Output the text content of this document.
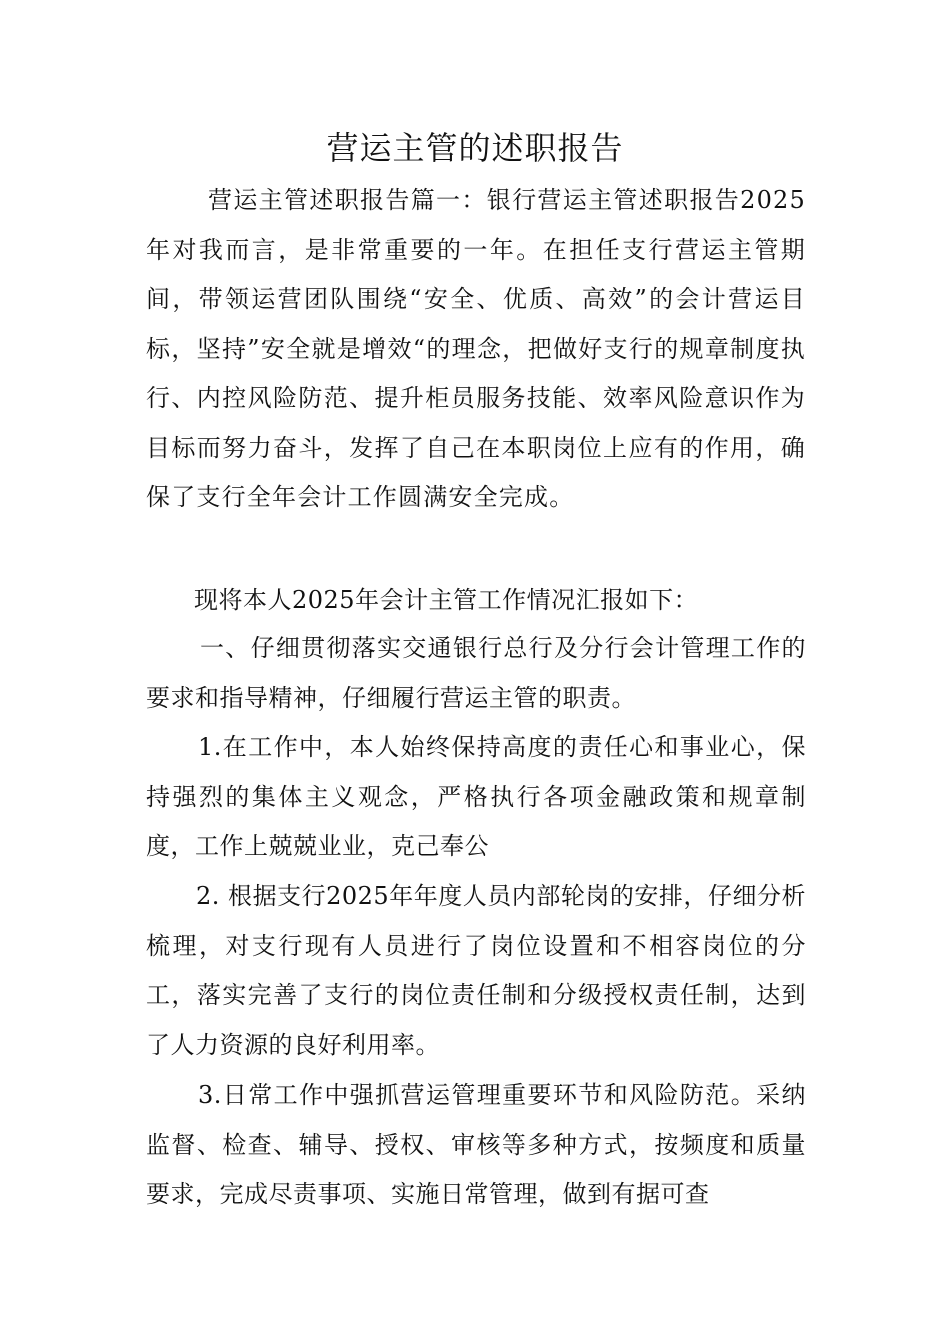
营运主管的述职报告

营运主管述职报告篇一：银行营运主管述职报告2025年对我而言，是非常重要的一年。在担任支行营运主管期间，带领运营团队围绕“安全、优质、高效”的会计营运目标，坚持”安全就是增效“的理念，把做好支行的规章制度执行、内控风险防范、提升柜员服务技能、效率风险意识作为目标而努力奋斗，发挥了自己在本职岗位上应有的作用，确保了支行全年会计工作圆满安全完成。

现将本人2025年会计主管工作情况汇报如下：

一、仔细贯彻落实交通银行总行及分行会计管理工作的要求和指导精神，仔细履行营运主管的职责。

1.在工作中，本人始终保持高度的责任心和事业心，保持强烈的集体主义观念，严格执行各项金融政策和规章制度，工作上兢兢业业，克己奉公

2. 根据支行2025年年度人员内部轮岗的安排，仔细分析梳理，对支行现有人员进行了岗位设置和不相容岗位的分工，落实完善了支行的岗位责任制和分级授权责任制，达到了人力资源的良好利用率。

3.日常工作中强抓营运管理重要环节和风险防范。采纳监督、检查、辅导、授权、审核等多种方式，按频度和质量要求，完成尽责事项、实施日常管理，做到有据可查
